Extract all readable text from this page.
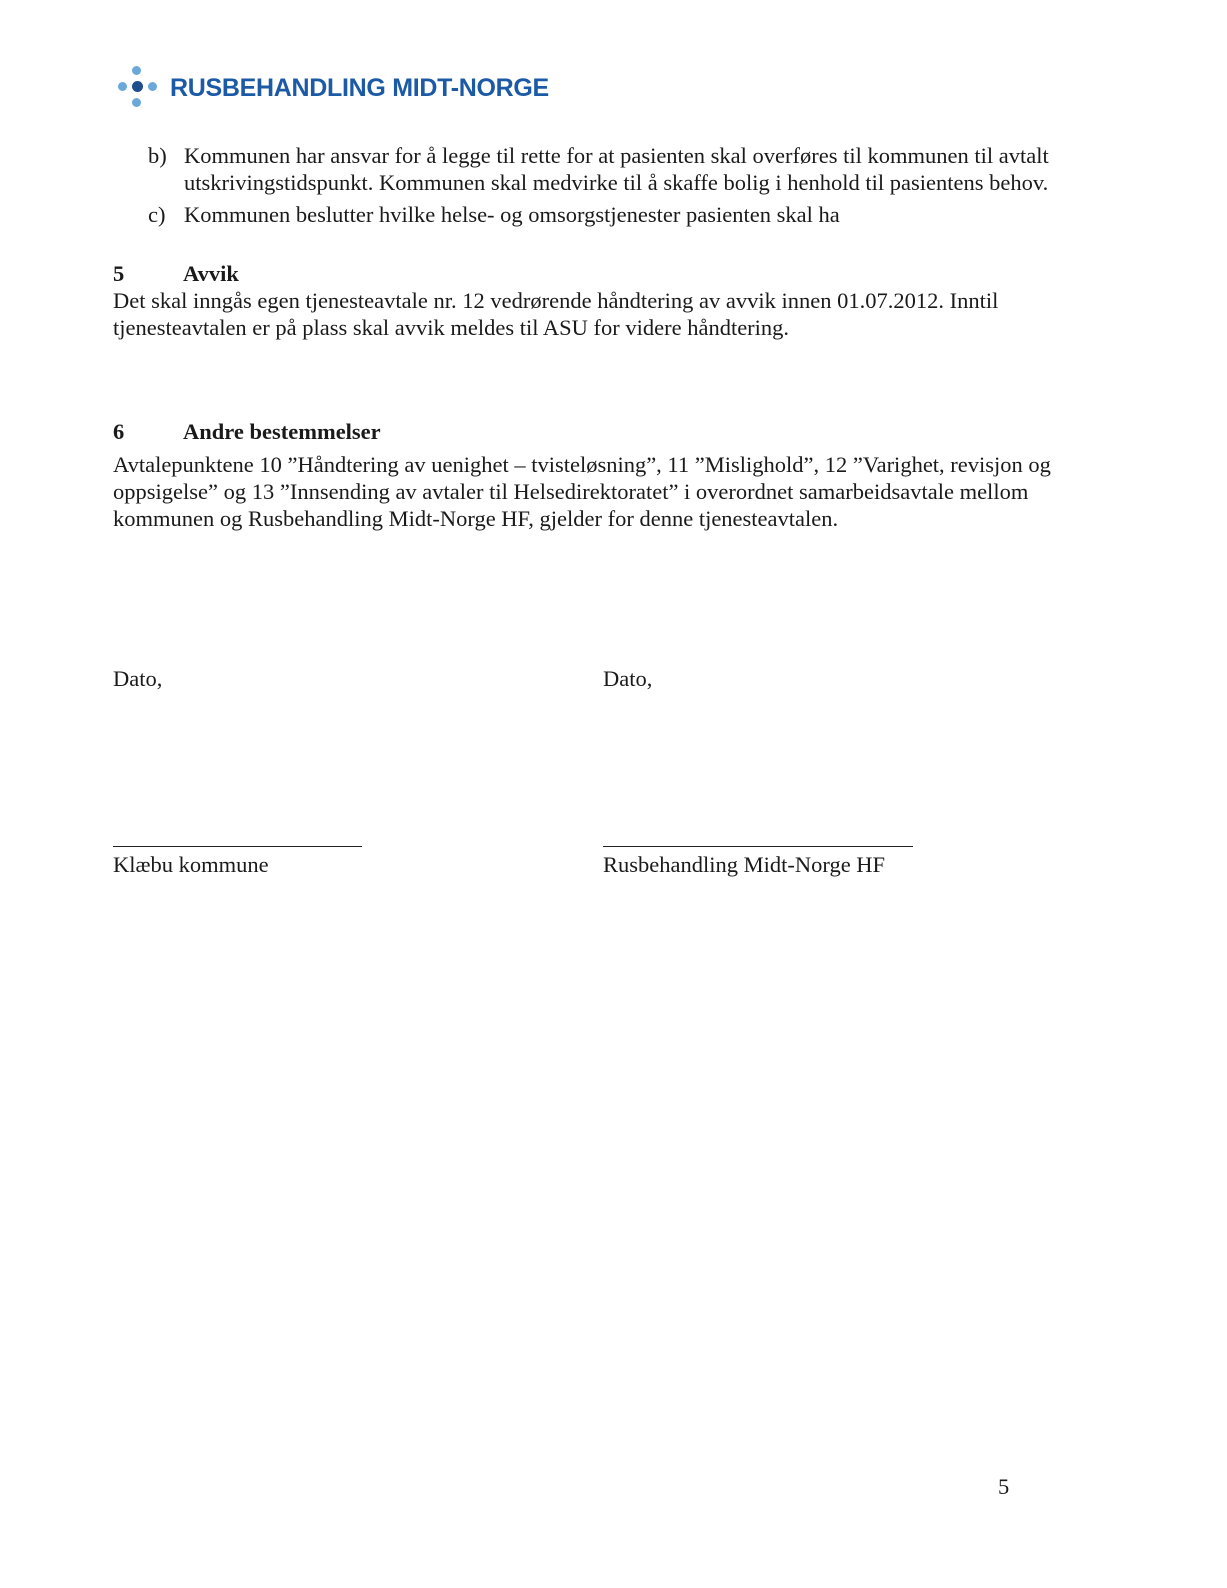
RUSBEHANDLING MIDT-NORGE
b) Kommunen har ansvar for å legge til rette for at pasienten skal overføres til kommunen til avtalt
utskrivingstidspunkt. Kommunen skal medvirke til å skaffe bolig i henhold til pasientens behov.
c) Kommunen beslutter hvilke helse- og omsorgstjenester pasienten skal ha
5	Avvik
Det skal inngås egen tjenesteavtale nr. 12 vedrørende håndtering av avvik innen 01.07.2012. Inntil
tjenesteavtalen er på plass skal avvik meldes til ASU for videre håndtering.
6	Andre bestemmelser
Avtalepunktene 10 ”Håndtering av uenighet – tvisteløsning”, 11 ”Mislighold”, 12 ”Varighet, revisjon og
oppsigelse” og 13 ”Innsending av avtaler til Helsedirektoratet” i overordnet samarbeidsavtale mellom
kommunen og Rusbehandling Midt-Norge HF, gjelder for denne tjenesteavtalen.
Dato,	Dato,
Klæbu kommune	Rusbehandling Midt-Norge HF
5
